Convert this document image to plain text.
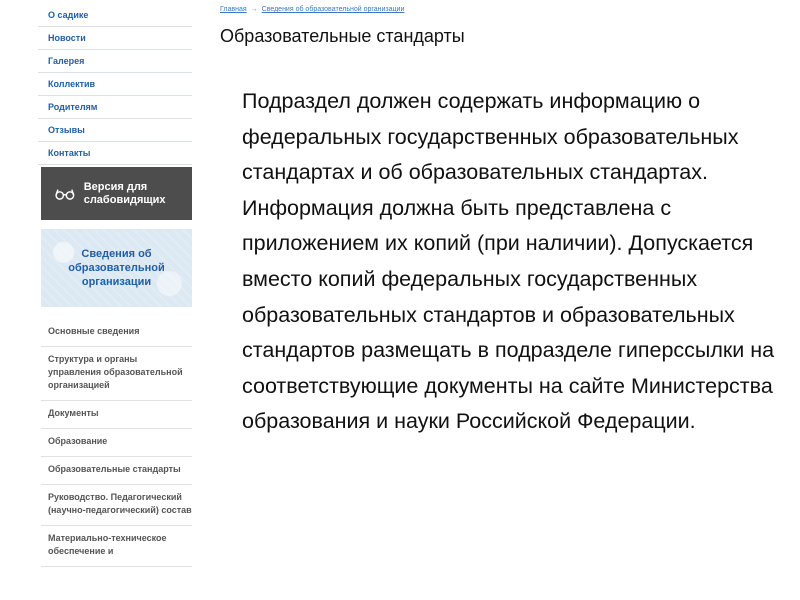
О садике
Новости
Галерея
Коллектив
Родителям
Отзывы
Контакты
Версия для слабовидящих
Сведения об образовательной организации
Основные сведения
Структура и органы управления образовательной организацией
Документы
Образование
Образовательные стандарты
Руководство. Педагогический (научно-педагогический) состав
Материально-техническое обеспечение и
Главная → Сведения об образовательной организации
Образовательные стандарты

Подраздел должен содержать информацию о федеральных государственных образовательных стандартах и об образовательных стандартах. Информация должна быть представлена с приложением их копий (при наличии). Допускается вместо копий федеральных государственных образовательных стандартов и образовательных стандартов размещать в подразделе гиперссылки на соответствующие документы на сайте Министерства образования и науки Российской Федерации.
